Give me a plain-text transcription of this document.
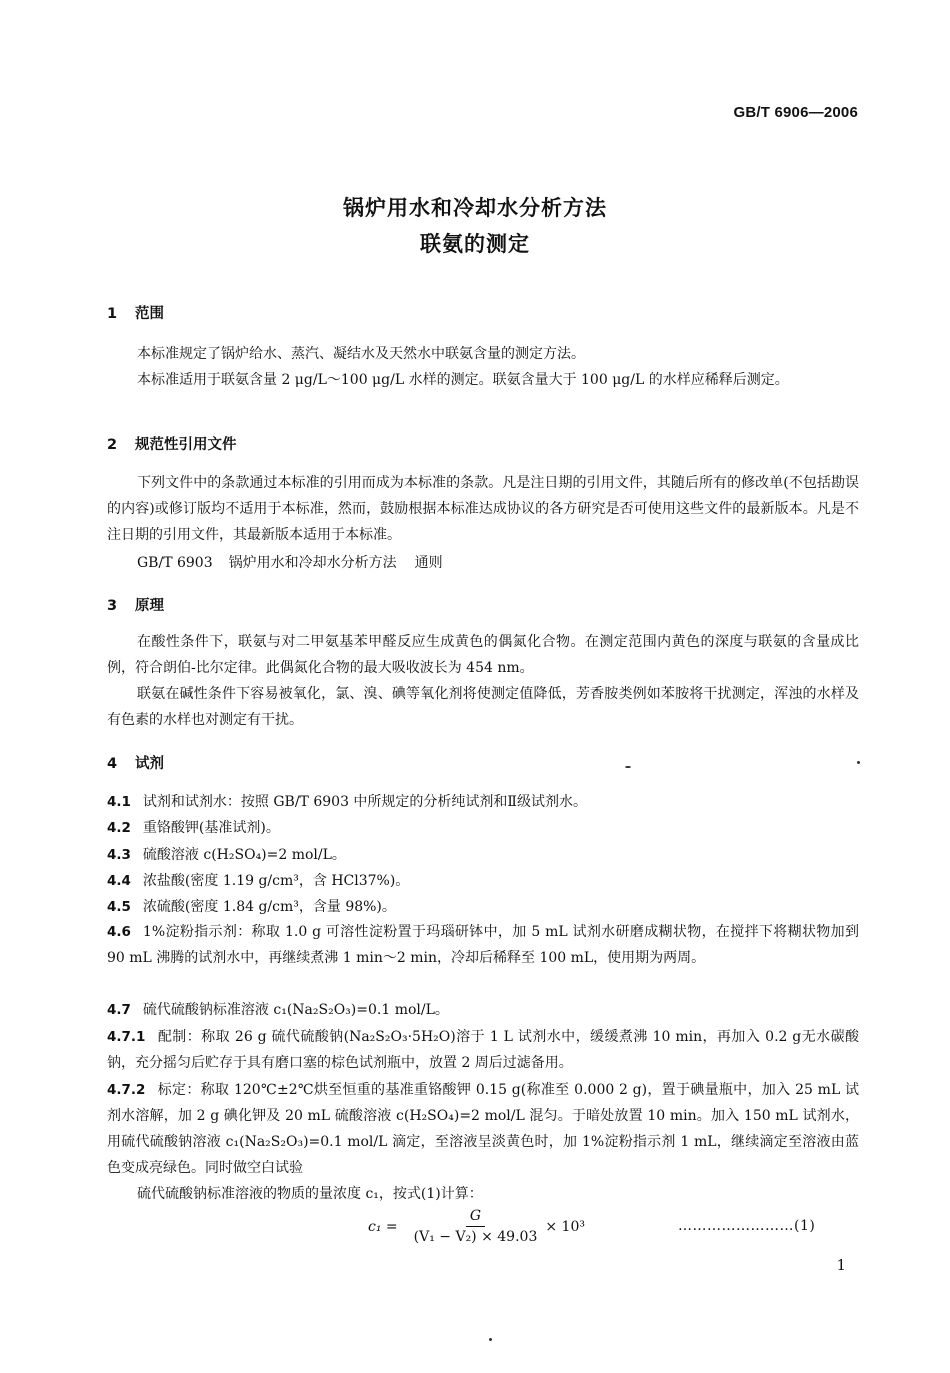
GB/T 6906—2006
锅炉用水和冷却水分析方法
联氨的测定
1 范围
本标准规定了锅炉给水、蒸汽、凝结水及天然水中联氨含量的测定方法。
本标准适用于联氨含量 2 μg/L～100 μg/L 水样的测定。联氨含量大于 100 μg/L 的水样应稀释后测定。
2 规范性引用文件
下列文件中的条款通过本标准的引用而成为本标准的条款。凡是注日期的引用文件，其随后所有的修改单(不包括勘误的内容)或修订版均不适用于本标准，然而，鼓励根据本标准达成协议的各方研究是否可使用这些文件的最新版本。凡是不注日期的引用文件，其最新版本适用于本标准。
GB/T 6903 锅炉用水和冷却水分析方法 通则
3 原理
在酸性条件下，联氨与对二甲氨基苯甲醛反应生成黄色的偶氮化合物。在测定范围内黄色的深度与联氨的含量成比例，符合朗伯-比尔定律。此偶氮化合物的最大吸收波长为 454 nm。
联氨在碱性条件下容易被氧化，氯、溴、碘等氧化剂将使测定值降低，芳香胺类例如苯胺将干扰测定，浑浊的水样及有色素的水样也对测定有干扰。
4 试剂
4.1 试剂和试剂水：按照 GB/T 6903 中所规定的分析纯试剂和Ⅱ级试剂水。
4.2 重铬酸钾(基准试剂)。
4.3 硫酸溶液 c(H₂SO₄)=2 mol/L。
4.4 浓盐酸(密度 1.19 g/cm³，含 HCl37%)。
4.5 浓硫酸(密度 1.84 g/cm³，含量 98%)。
4.6 1%淀粉指示剂：称取 1.0 g 可溶性淀粉置于玛瑙研钵中，加 5 mL 试剂水研磨成糊状物，在搅拌下将糊状物加到 90 mL 沸腾的试剂水中，再继续煮沸 1 min～2 min，冷却后稀释至 100 mL，使用期为两周。
4.7 硫代硫酸钠标准溶液 c₁(Na₂S₂O₃)=0.1 mol/L。
4.7.1 配制：称取 26 g 硫代硫酸钠(Na₂S₂O₃·5H₂O)溶于 1 L 试剂水中，缓缓煮沸 10 min，再加入 0.2 g无水碳酸钠，充分摇匀后贮存于具有磨口塞的棕色试剂瓶中，放置 2 周后过滤备用。
4.7.2 标定：称取 120℃±2℃烘至恒重的基准重铬酸钾 0.15 g(称准至 0.000 2 g)，置于碘量瓶中，加入 25 mL 试剂水溶解，加 2 g 碘化钾及 20 mL 硫酸溶液 c(H₂SO₄)=2 mol/L 混匀。于暗处放置 10 min。加入 150 mL 试剂水，用硫代硫酸钠溶液 c₁(Na₂S₂O₃)=0.1 mol/L 滴定，至溶液呈淡黄色时，加 1%淀粉指示剂 1 mL，继续滴定至溶液由蓝色变成亮绿色。同时做空白试验
硫代硫酸钠标准溶液的物质的量浓度 c₁，按式(1)计算：
$c_1 = \frac{G}{\text{(V₁ − V₂) × 49.03}} \times 10^3$	……………………(1)
1
